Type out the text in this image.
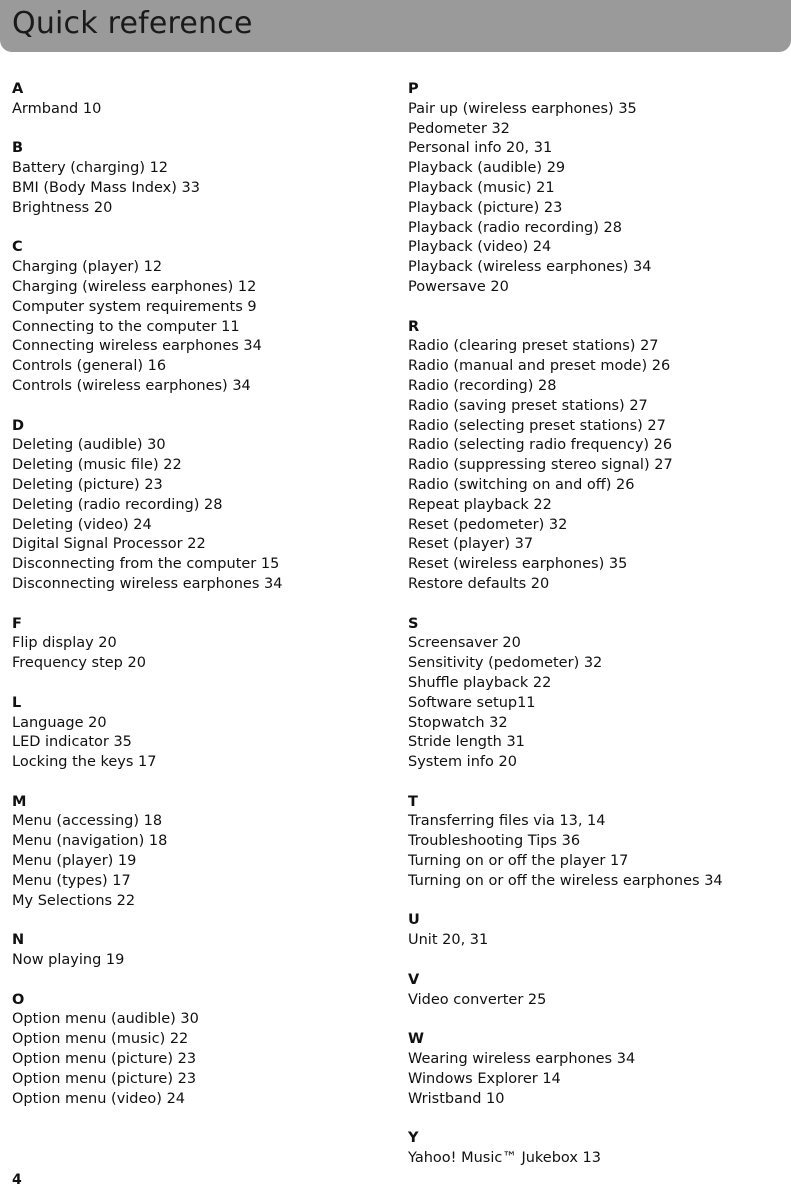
Quick reference
A
Armband 10
B
Battery (charging) 12
BMI (Body Mass Index) 33
Brightness 20
C
Charging (player) 12
Charging (wireless earphones) 12
Computer system requirements 9
Connecting to the computer 11
Connecting wireless earphones 34
Controls (general) 16
Controls (wireless earphones) 34
D
Deleting (audible) 30
Deleting (music file) 22
Deleting (picture) 23
Deleting (radio recording) 28
Deleting (video) 24
Digital Signal Processor 22
Disconnecting from the computer 15
Disconnecting wireless earphones 34
F
Flip display 20
Frequency step 20
L
Language 20
LED indicator 35
Locking the keys 17
M
Menu (accessing) 18
Menu (navigation) 18
Menu (player) 19
Menu (types) 17
My Selections 22
N
Now playing 19
O
Option menu (audible) 30
Option menu (music) 22
Option menu (picture) 23
Option menu (picture) 23
Option menu (video) 24
P
Pair up (wireless earphones) 35
Pedometer 32
Personal info 20, 31
Playback (audible) 29
Playback (music) 21
Playback (picture) 23
Playback (radio recording) 28
Playback (video) 24
Playback (wireless earphones) 34
Powersave 20
R
Radio (clearing preset stations) 27
Radio (manual and preset mode) 26
Radio (recording) 28
Radio (saving preset stations) 27
Radio (selecting preset stations) 27
Radio (selecting radio frequency) 26
Radio (suppressing stereo signal) 27
Radio (switching on and off) 26
Repeat playback 22
Reset (pedometer) 32
Reset (player) 37
Reset (wireless earphones) 35
Restore defaults 20
S
Screensaver 20
Sensitivity (pedometer) 32
Shuffle playback 22
Software setup11
Stopwatch 32
Stride length 31
System info 20
T
Transferring files via 13, 14
Troubleshooting Tips 36
Turning on or off the player 17
Turning on or off the wireless earphones 34
U
Unit 20, 31
V
Video converter 25
W
Wearing wireless earphones 34
Windows Explorer 14
Wristband 10
Y
Yahoo! Music™ Jukebox 13
4
